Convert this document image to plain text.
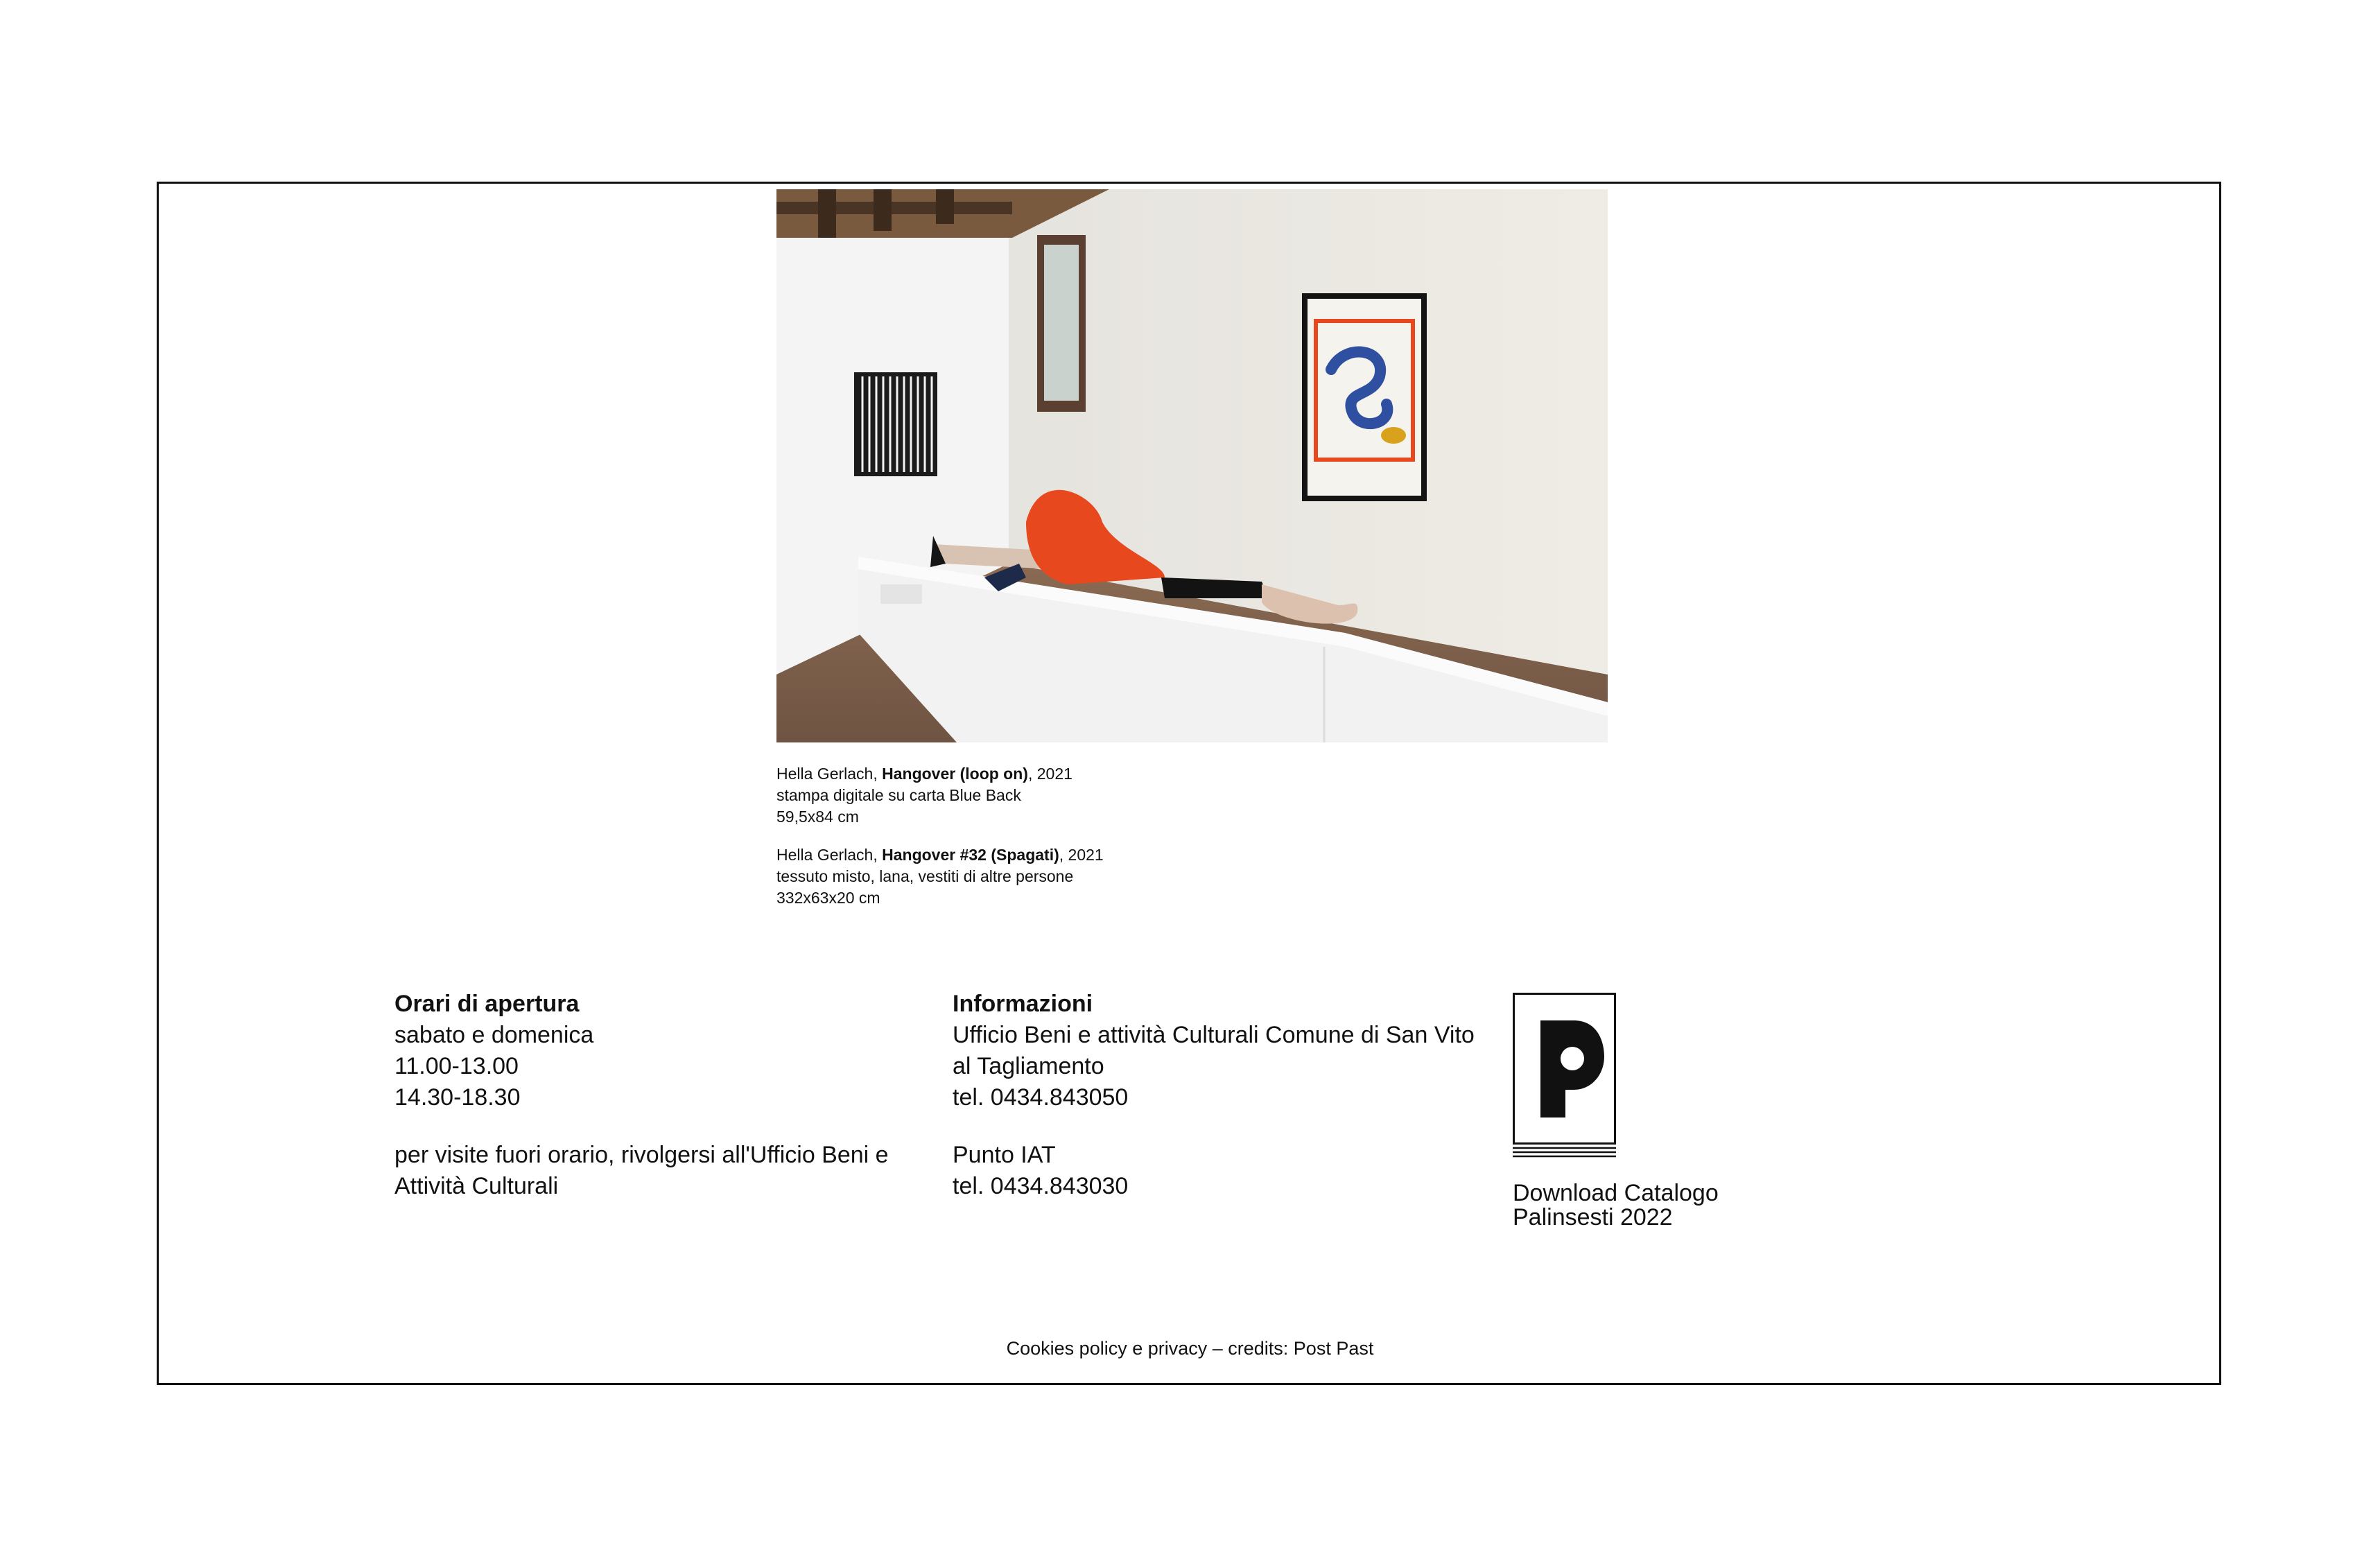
Hella Gerlach, Hangover (loop on), 2021
stampa digitale su carta Blue Back
59,5x84 cm
Hella Gerlach, Hangover #32 (Spagati), 2021
tessuto misto, lana, vestiti di altre persone
332x63x20 cm
Orari di apertura
sabato e domenica
11.00-13.00
14.30-18.30
per visite fuori orario, rivolgersi all'Ufficio Beni e Attività Culturali
Informazioni
Ufficio Beni e attività Culturali Comune di San Vito al Tagliamento
tel. 0434.843050
Punto IAT
tel. 0434.843030	Download Catalogo
Palinsesti 2022
Cookies policy e privacy – credits: Post Past
